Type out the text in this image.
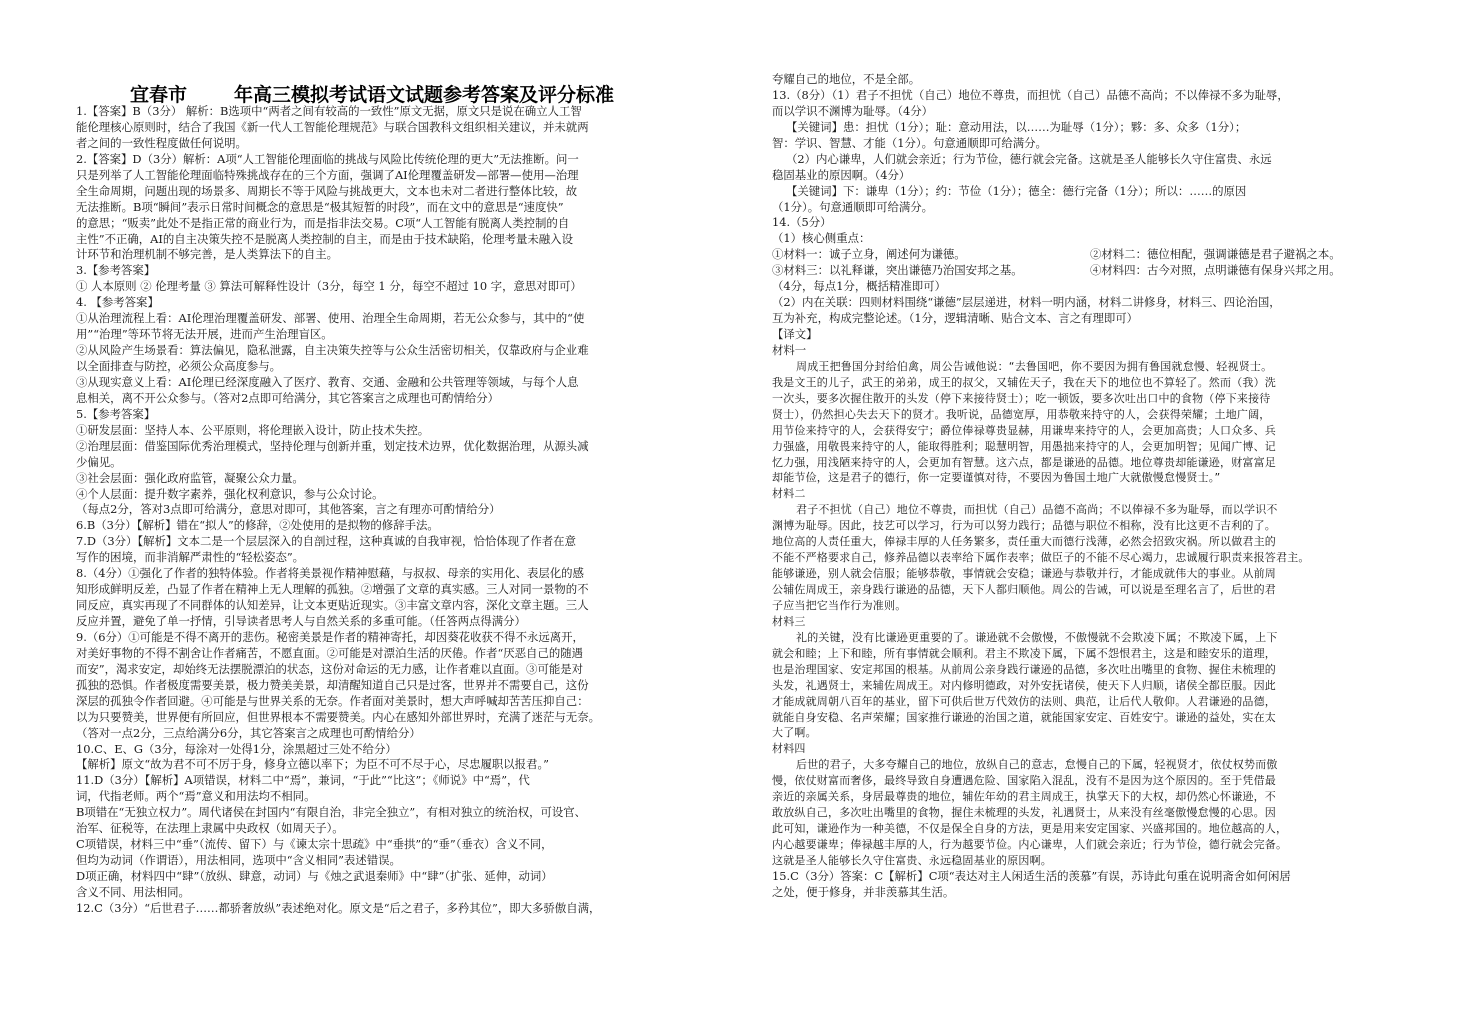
宜春市 年高三模拟考试语文试题参考答案及评分标准
1.【答案】B（3分） 解析：B选项中“两者之间有较高的一致性”原文无据，原文只是说在确立人工智
能伦理核心原则时，结合了我国《新一代人工智能伦理规范》与联合国教科文组织相关建议，并未就两
者之间的一致性程度做任何说明。
2.【答案】D（3分）解析：A项“人工智能伦理面临的挑战与风险比传统伦理的更大”无法推断。问一
只是列举了人工智能伦理面临特殊挑战存在的三个方面，强调了AI伦理覆盖研发—部署—使用—治理
全生命周期，问题出现的场景多、周期长不等于风险与挑战更大，文本也未对二者进行整体比较，故
无法推断。B项“瞬间”表示日常时间概念的意思是“极其短暂的时段”，而在文中的意思是“速度快”
的意思；“贩卖”此处不是指正常的商业行为，而是指非法交易。C项“人工智能有脱离人类控制的自
主性”不正确，AI的自主决策失控不是脱离人类控制的自主，而是由于技术缺陷，伦理考量未融入设
计环节和治理机制不够完善，是人类算法下的自主。
3.【参考答案】
① 人本原则 ② 伦理考量 ③ 算法可解释性设计（3分，每空 1 分，每空不超过 10 字，意思对即可）
4. 【参考答案】
①从治理流程上看：AI伦理治理覆盖研发、部署、使用、治理全生命周期，若无公众参与，其中的“使
用”“治理”等环节将无法开展，进而产生治理盲区。
②从风险产生场景看：算法偏见，隐私泄露，自主决策失控等与公众生活密切相关，仅靠政府与企业难
以全面排查与防控，必须公众高度参与。
③从现实意义上看：AI伦理已经深度融入了医疗、教育、交通、金融和公共管理等领域，与每个人息
息相关，离不开公众参与。（答对2点即可给满分，其它答案言之成理也可酌情给分）
5.【参考答案】
①研发层面：坚持人本、公平原则，将伦理嵌入设计，防止技术失控。
②治理层面：借鉴国际优秀治理模式，坚持伦理与创新并重，划定技术边界，优化数据治理，从源头减
少偏见。
③社会层面：强化政府监管，凝聚公众力量。
④个人层面：提升数字素养，强化权利意识，参与公众讨论。
（每点2分，答对3点即可给满分，意思对即可，其他答案，言之有理亦可酌情给分）
6.B（3分）【解析】错在“拟人”的修辞，②处使用的是拟物的修辞手法。
7.D（3分）【解析】文本二是一个层层深入的自剖过程，这种真诚的自我审视，恰恰体现了作者在意
写作的困境，而非消解严肃性的“轻松姿态”。
8.（4分）①强化了作者的独特体验。作者将美景视作精神慰藉，与叔叔、母亲的实用化、表层化的感
知形成鲜明反差，凸显了作者在精神上无人理解的孤独。②增强了文章的真实感。三人对同一景物的不
同反应，真实再现了不同群体的认知差异，让文本更贴近现实。③丰富文章内容，深化文章主题。三人
反应并置，避免了单一抒情，引导读者思考人与自然关系的多重可能。（任答两点得满分）
9.（6分）①可能是不得不离开的悲伤。秘密美景是作者的精神寄托，却因葵花收获不得不永远离开，
对美好事物的不得不割舍让作者痛苦，不愿直面。②可能是对漂泊生活的厌倦。作者“厌恶自己的随遇
而安”，渴求安定，却始终无法摆脱漂泊的状态，这份对命运的无力感，让作者难以直面。③可能是对
孤独的恐惧。作者极度需要美景，极力赞美美景，却清醒知道自己只是过客，世界并不需要自己，这份
深层的孤独令作者回避。④可能是与世界关系的无奈。作者面对美景时，想大声呼喊却苦苦压抑自己：
以为只要赞美，世界便有所回应，但世界根本不需要赞美。内心在感知外部世界时，充满了迷茫与无奈。
（答对一点2分，三点给满分6分，其它答案言之成理也可酌情给分）
10.C、E、G（3分，每涂对一处得1分，涂黑超过三处不给分）
【解析】原文“故为君不可不厉于身，修身立德以率下；为臣不可不尽于心，尽忠履职以报君。”
11.D（3分）【解析】A项错误，材料二中“焉”，兼词，“于此”“比这”；《师说》中“焉”，代
词，代指老师。两个“焉”意义和用法均不相同。
B项错在“无独立权力”。周代诸侯在封国内“有限自治，非完全独立”，有相对独立的统治权，可设官、
治军、征税等，在法理上隶属中央政权（如周天子）。
C项错误，材料三中“垂”（流传、留下）与《谏太宗十思疏》中“垂拱”的“垂”（垂衣）含义不同，
但均为动词（作谓语），用法相同，选项中“含义相同”表述错误。
D项正确，材料四中“肆”（放纵、肆意，动词）与《烛之武退秦师》中“肆”（扩张、延伸，动词）
含义不同、用法相同。
12.C（3分）“后世君子……都骄奢放纵”表述绝对化。原文是“后之君子，多矜其位”，即大多骄傲自满，
夸耀自己的地位，不是全部。
13.（8分）（1）君子不担忧（自己）地位不尊贵，而担忧（自己）品德不高尚；不以俸禄不多为耻辱，
而以学识不渊博为耻辱。（4分）
【关键词】患：担忧（1分）；耻：意动用法，以……为耻辱（1分）；夥：多、众多（1分）；
智：学识、智慧、才能（1分）。句意通顺即可给满分。
（2）内心谦卑，人们就会亲近；行为节俭，德行就会完备。这就是圣人能够长久守住富贵、永远
稳固基业的原因啊。（4分）
【关键词】下：谦卑（1分）；约：节俭（1分）；德全：德行完备（1分）；所以：……的原因
（1分）。句意通顺即可给满分。
14.（5分）
（1）核心侧重点：
①材料一：诚子立身，阐述何为谦德。	②材料二：德位相配，强调谦德是君子避祸之本。
③材料三：以礼释谦，突出谦德乃治国安邦之基。	④材料四：古今对照，点明谦德有保身兴邦之用。
（4分，每点1分，概括精准即可）
（2）内在关联：四则材料围绕“谦德”层层递进，材料一明内涵，材料二讲修身，材料三、四论治国，
互为补充，构成完整论述。（1分，逻辑清晰、贴合文本、言之有理即可）
【译文】
材料一
周成王把鲁国分封给伯禽，周公告诫他说：“去鲁国吧，你不要因为拥有鲁国就怠慢、轻视贤士。
我是文王的儿子，武王的弟弟，成王的叔父，又辅佐天子，我在天下的地位也不算轻了。然而（我）洗
一次头，要多次握住散开的头发（停下来接待贤士）；吃一顿饭，要多次吐出口中的食物（停下来接待
贤士），仍然担心失去天下的贤才。我听说，品德宽厚，用恭敬来持守的人，会获得荣耀；土地广阔，
用节俭来持守的人，会获得安宁；爵位俸禄尊贵显赫，用谦卑来持守的人，会更加高贵；人口众多、兵
力强盛，用敬畏来持守的人，能取得胜利；聪慧明智，用愚拙来持守的人，会更加明智；见闻广博、记
忆力强，用浅陋来持守的人，会更加有智慧。这六点，都是谦逊的品德。地位尊贵却能谦逊，财富富足
却能节俭，这是君子的德行，你一定要谨慎对待，不要因为鲁国土地广大就傲慢怠慢贤士。”
材料二
君子不担忧（自己）地位不尊贵，而担忧（自己）品德不高尚；不以俸禄不多为耻辱，而以学识不
渊博为耻辱。因此，技艺可以学习，行为可以努力践行；品德与职位不相称，没有比这更不吉利的了。
地位高的人责任重大，俸禄丰厚的人任务繁多，责任重大而德行浅薄，必然会招致灾祸。所以做君主的
不能不严格要求自己，修养品德以表率给下属作表率；做臣子的不能不尽心竭力，忠诚履行职责来报答君主。
能够谦逊，别人就会信服；能够恭敬，事情就会安稳；谦逊与恭敬并行，才能成就伟大的事业。从前周
公辅佐周成王，亲身践行谦逊的品德，天下人都归顺他。周公的告诫，可以说是至理名言了，后世的君
子应当把它当作行为准则。
材料三
礼的关键，没有比谦逊更重要的了。谦逊就不会傲慢，不傲慢就不会欺凌下属；不欺凌下属，上下
就会和睦；上下和睦，所有事情就会顺利。君主不欺凌下属，下属不怨恨君主，这是和睦安乐的道理，
也是治理国家、安定邦国的根基。从前周公亲身践行谦逊的品德，多次吐出嘴里的食物、握住未梳理的
头发，礼遇贤士，来辅佐周成王。对内修明德政，对外安抚诸侯，使天下人归顺，诸侯全都臣服。因此
才能成就周朝八百年的基业，留下可供后世万代效仿的法则、典范，让后代人敬仰。人君谦逊的品德，
就能自身安稳、名声荣耀；国家推行谦逊的治国之道，就能国家安定、百姓安宁。谦逊的益处，实在太
大了啊。
材料四
后世的君子，大多夸耀自己的地位，放纵自己的意志，怠慢自己的下属，轻视贤才，依仗权势而傲
慢，依仗财富而奢侈，最终导致自身遭遇危险、国家陷入混乱，没有不是因为这个原因的。至于凭借最
亲近的亲属关系，身居最尊贵的地位，辅佐年幼的君主周成王，执掌天下的大权，却仍然心怀谦逊，不
敢放纵自己，多次吐出嘴里的食物，握住未梳理的头发，礼遇贤士，从来没有丝毫傲慢怠慢的心思。因
此可知，谦逊作为一种美德，不仅是保全自身的方法，更是用来安定国家、兴盛邦国的。地位越高的人，
内心越要谦卑；俸禄越丰厚的人，行为越要节俭。内心谦卑，人们就会亲近；行为节俭，德行就会完备。
这就是圣人能够长久守住富贵、永远稳固基业的原因啊。
15.C（3分）答案：C【解析】C项“表达对主人闲适生活的羡慕”有误，苏诗此句重在说明斋舍如何闲居
之处，便于修身，并非羡慕其生活。
